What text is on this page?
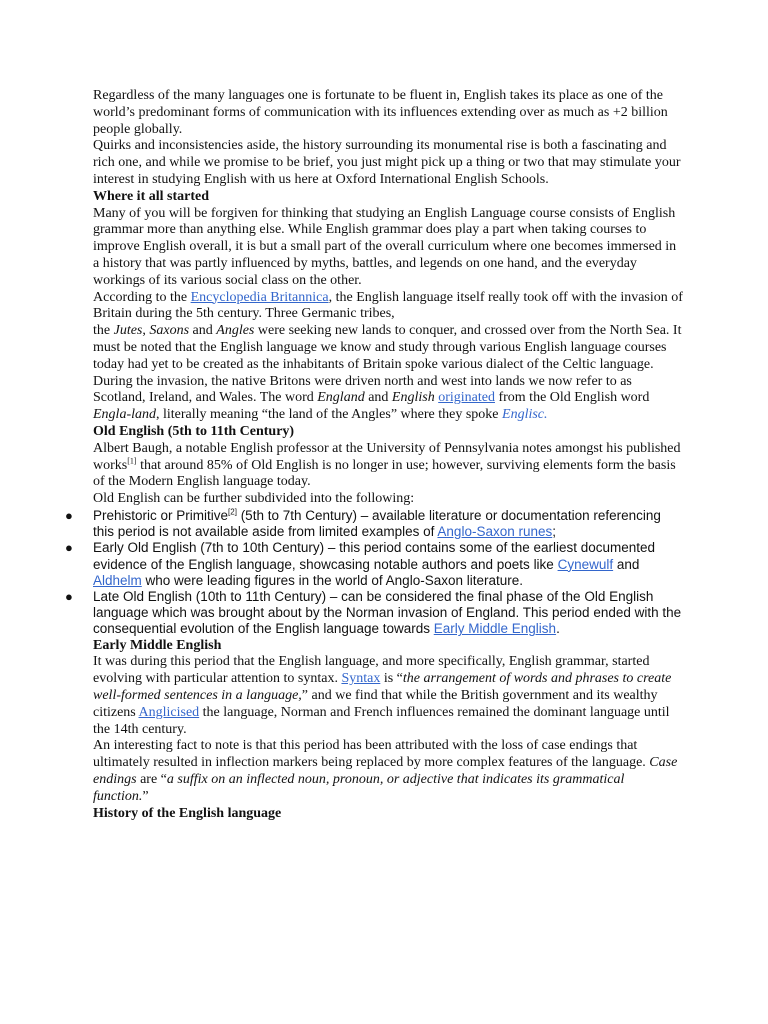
Regardless of the many languages one is fortunate to be fluent in, English takes its place as one of the world’s predominant forms of communication with its influences extending over as much as +2 billion people globally.

Quirks and inconsistencies aside, the history surrounding its monumental rise is both a fascinating and rich one, and while we promise to be brief, you just might pick up a thing or two that may stimulate your interest in studying English with us here at Oxford International English Schools.

Where it all started

Many of you will be forgiven for thinking that studying an English Language course consists of English grammar more than anything else. While English grammar does play a part when taking courses to improve English overall, it is but a small part of the overall curriculum where one becomes immersed in a history that was partly influenced by myths, battles, and legends on one hand, and the everyday workings of its various social class on the other.

According to the Encyclopedia Britannica, the English language itself really took off with the invasion of Britain during the 5th century. Three Germanic tribes,

the Jutes, Saxons and Angles were seeking new lands to conquer, and crossed over from the North Sea. It must be noted that the English language we know and study through various English language courses today had yet to be created as the inhabitants of Britain spoke various dialect of the Celtic language.

During the invasion, the native Britons were driven north and west into lands we now refer to as Scotland, Ireland, and Wales. The word England and English originated from the Old English word Engla-land, literally meaning “the land of the Angles” where they spoke Englisc.

Old English (5th to 11th Century)

Albert Baugh, a notable English professor at the University of Pennsylvania notes amongst his published works[1] that around 85% of Old English is no longer in use; however, surviving elements form the basis of the Modern English language today.

Old English can be further subdivided into the following:

● Prehistoric or Primitive[2] (5th to 7th Century) – available literature or documentation referencing this period is not available aside from limited examples of Anglo-Saxon runes;
● Early Old English (7th to 10th Century) – this period contains some of the earliest documented evidence of the English language, showcasing notable authors and poets like Cynewulf and Aldhelm who were leading figures in the world of Anglo-Saxon literature.
● Late Old English (10th to 11th Century) – can be considered the final phase of the Old English language which was brought about by the Norman invasion of England. This period ended with the consequential evolution of the English language towards Early Middle English.

Early Middle English

It was during this period that the English language, and more specifically, English grammar, started evolving with particular attention to syntax. Syntax is “the arrangement of words and phrases to create well-formed sentences in a language,” and we find that while the British government and its wealthy citizens Anglicised the language, Norman and French influences remained the dominant language until the 14th century.

An interesting fact to note is that this period has been attributed with the loss of case endings that ultimately resulted in inflection markers being replaced by more complex features of the language. Case endings are “a suffix on an inflected noun, pronoun, or adjective that indicates its grammatical function.”

History of the English language
